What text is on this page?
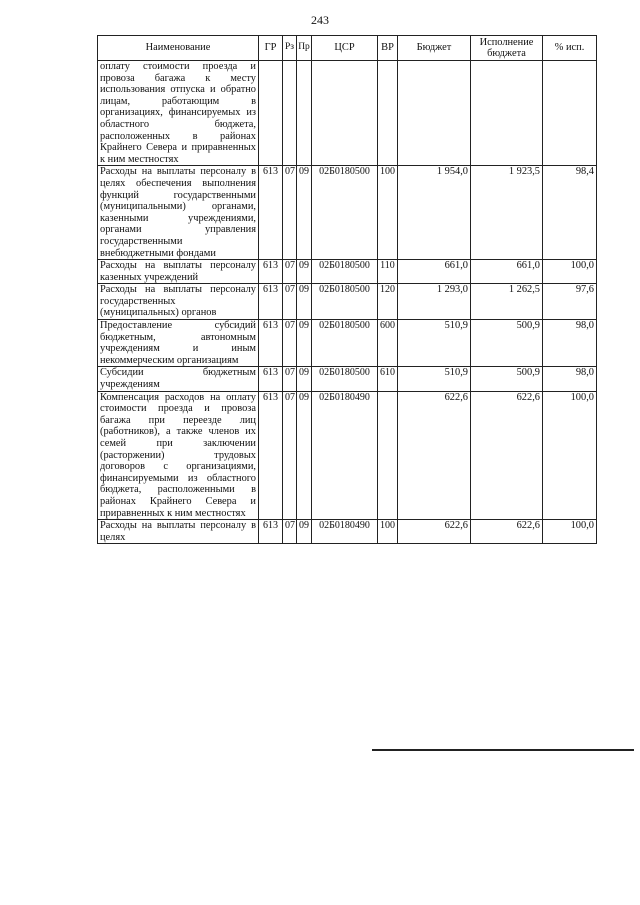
243
Наименование	ГР	Рз	Пр	ЦСР	ВР	Бюджет	Исполнение бюджета	% исп.
оплату стоимости проезда и провоза багажа к месту использования отпуска и обратно лицам, работающим в организациях, финансируемых из областного бюджета, расположенных в районах Крайнего Севера и приравненных к ним местностях								
Расходы на выплаты персоналу в целях обеспечения выполнения функций государственными (муниципальными) органами, казенными учреждениями, органами управления государственными внебюджетными фондами	613	07	09	02Б0180500	100	1 954,0	1 923,5	98,4
Расходы на выплаты персоналу казенных учреждений	613	07	09	02Б0180500	110	661,0	661,0	100,0
Расходы на выплаты персоналу государственных (муниципальных) органов	613	07	09	02Б0180500	120	1 293,0	1 262,5	97,6
Предоставление субсидий бюджетным, автономным учреждениям и иным некоммерческим организациям	613	07	09	02Б0180500	600	510,9	500,9	98,0
Субсидии бюджетным учреждениям	613	07	09	02Б0180500	610	510,9	500,9	98,0
Компенсация расходов на оплату стоимости проезда и провоза багажа при переезде лиц (работников), а также членов их семей при заключении (расторжении) трудовых договоров с организациями, финансируемыми из областного бюджета, расположенными в районах Крайнего Севера и приравненных к ним местностях	613	07	09	02Б0180490		622,6	622,6	100,0
Расходы на выплаты персоналу в целях	613	07	09	02Б0180490	100	622,6	622,6	100,0
